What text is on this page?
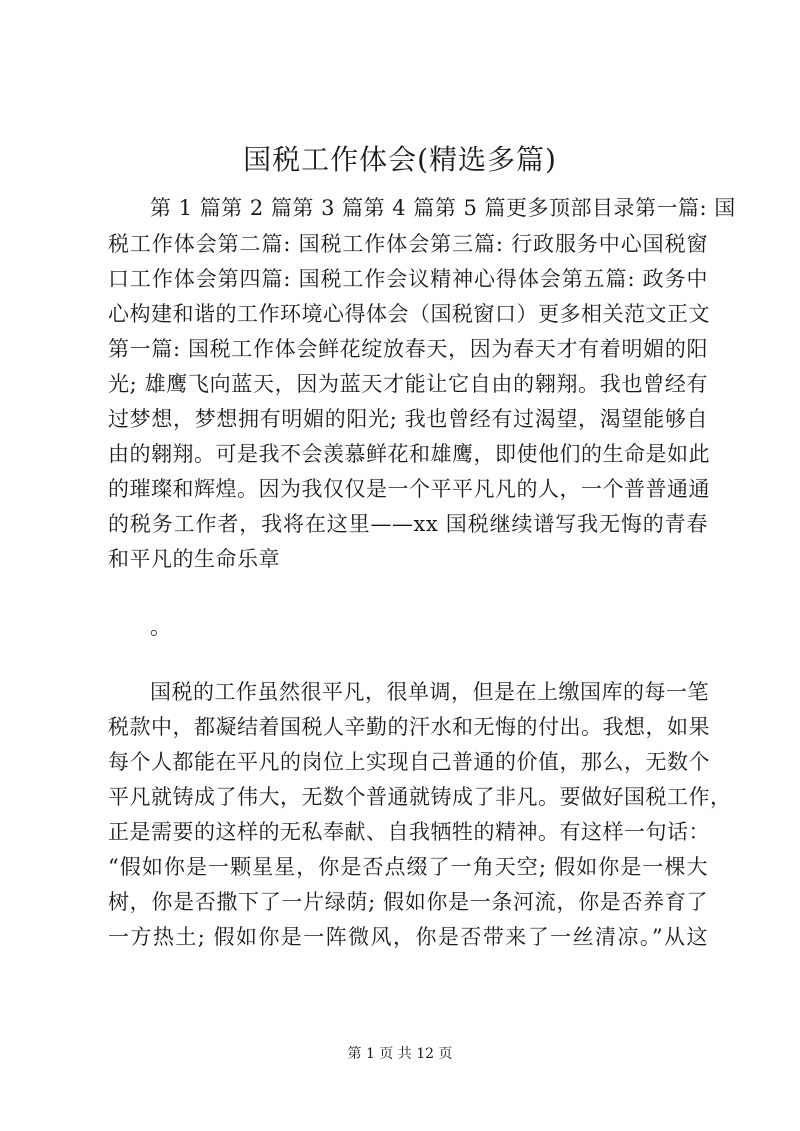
国税工作体会(精选多篇)
第 1 篇第 2 篇第 3 篇第 4 篇第 5 篇更多顶部目录第一篇: 国
税工作体会第二篇: 国税工作体会第三篇: 行政服务中心国税窗
口工作体会第四篇: 国税工作会议精神心得体会第五篇: 政务中
心构建和谐的工作环境心得体会（国税窗口）更多相关范文正文
第一篇: 国税工作体会鲜花绽放春天，因为春天才有着明媚的阳
光; 雄鹰飞向蓝天，因为蓝天才能让它自由的翱翔。我也曾经有
过梦想，梦想拥有明媚的阳光; 我也曾经有过渴望，渴望能够自
由的翱翔。可是我不会羡慕鲜花和雄鹰，即使他们的生命是如此
的璀璨和辉煌。因为我仅仅是一个平平凡凡的人，一个普普通通
的税务工作者，我将在这里——xx 国税继续谱写我无悔的青春
和平凡的生命乐章
。
国税的工作虽然很平凡，很单调，但是在上缴国库的每一笔
税款中，都凝结着国税人辛勤的汗水和无悔的付出。我想，如果
每个人都能在平凡的岗位上实现自己普通的价值，那么，无数个
平凡就铸成了伟大，无数个普通就铸成了非凡。要做好国税工作，
正是需要的这样的无私奉献、自我牺牲的精神。有这样一句话：
“假如你是一颗星星，你是否点缀了一角天空; 假如你是一棵大
树，你是否撒下了一片绿荫; 假如你是一条河流，你是否养育了
一方热土; 假如你是一阵微风，你是否带来了一丝清凉。”从这
第 1 页 共 12 页
